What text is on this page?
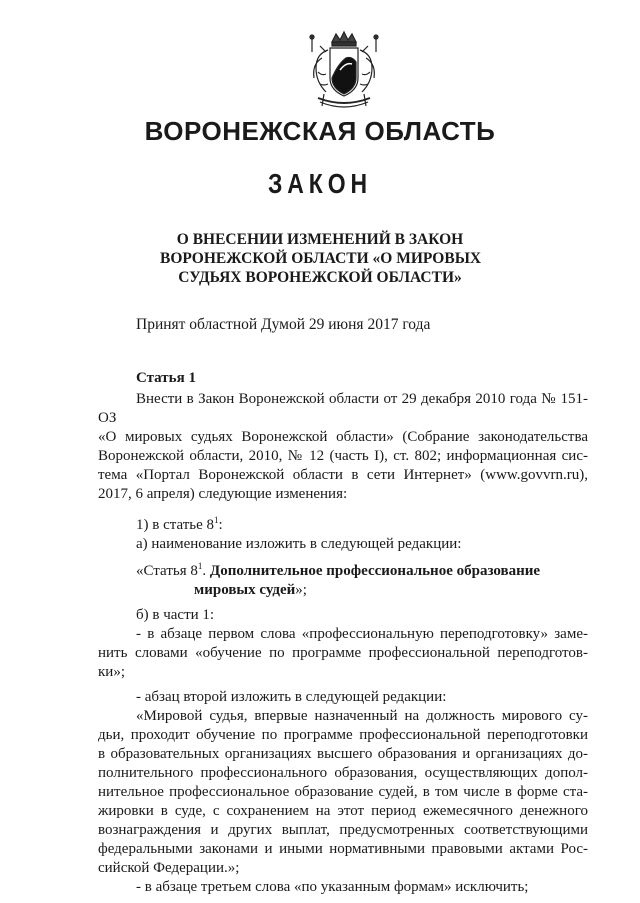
ВОРОНЕЖСКАЯ ОБЛАСТЬ
ЗАКОН
О ВНЕСЕНИИ ИЗМЕНЕНИЙ В ЗАКОН
ВОРОНЕЖСКОЙ ОБЛАСТИ «О МИРОВЫХ
СУДЬЯХ ВОРОНЕЖСКОЙ ОБЛАСТИ»
Принят областной Думой 29 июня 2017 года
Статья 1
Внести в Закон Воронежской области от 29 декабря 2010 года № 151-ОЗ
«О мировых судьях Воронежской области» (Собрание законодательства
Воронежской области, 2010, № 12 (часть I), ст. 802; информационная сис-
тема «Портал Воронежской области в сети Интернет» (www.govvrn.ru),
2017, 6 апреля) следующие изменения:
1) в статье $8^1$:
а) наименование изложить в следующей редакции:
«Статья $8^1$. Дополнительное профессиональное образование
мировых судей»;
б) в части 1:
- в абзаце первом слова «профессиональную переподготовку» заме-
нить словами «обучение по программе профессиональной переподготов-
ки»;
- абзац второй изложить в следующей редакции:
«Мировой судья, впервые назначенный на должность мирового су-
дьи, проходит обучение по программе профессиональной переподготовки
в образовательных организациях высшего образования и организациях до-
полнительного профессионального образования, осуществляющих допол-
нительное профессиональное образование судей, в том числе в форме ста-
жировки в суде, с сохранением на этот период ежемесячного денежного
вознаграждения и других выплат, предусмотренных соответствующими
федеральными законами и иными нормативными правовыми актами Рос-
сийской Федерации.»;
- в абзаце третьем слова «по указанным формам» исключить;
